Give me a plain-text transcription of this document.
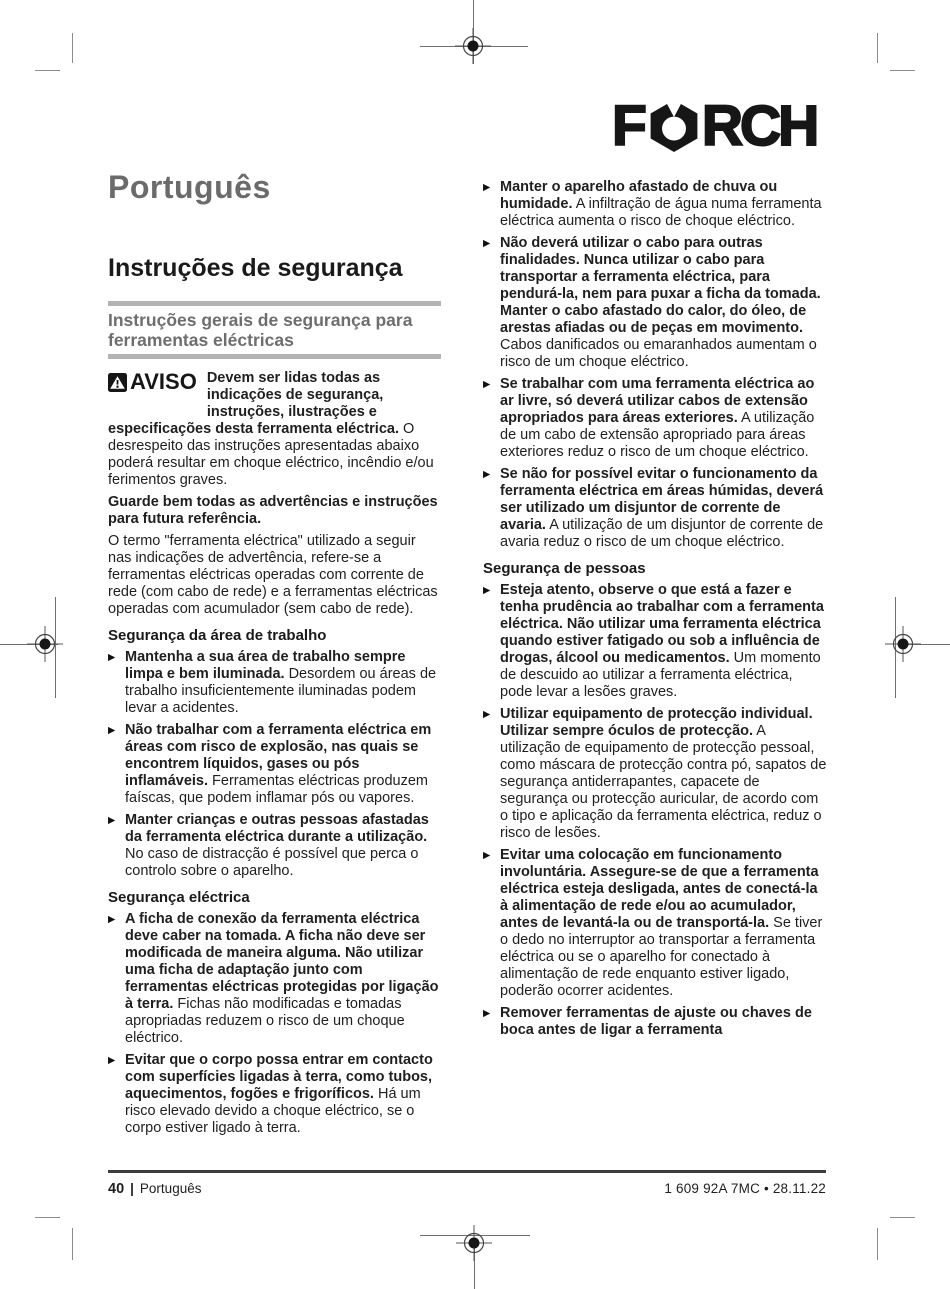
F RCH
Português
Instruções de segurança
Instruções gerais de segurança para ferramentas eléctricas

AVISO Devem ser lidas todas as indicações de segurança, instruções, ilustrações e especificações desta ferramenta eléctrica. O desrespeito das instruções apresentadas abaixo poderá resultar em choque eléctrico, incêndio e/ou ferimentos graves.

Guarde bem todas as advertências e instruções para futura referência.

O termo "ferramenta eléctrica" utilizado a seguir nas indicações de advertência, refere-se a ferramentas eléctricas operadas com corrente de rede (com cabo de rede) e a ferramentas eléctricas operadas com acumulador (sem cabo de rede).

Segurança da área de trabalho

▶ Mantenha a sua área de trabalho sempre limpa e bem iluminada. Desordem ou áreas de trabalho insuficientemente iluminadas podem levar a acidentes.

▶ Não trabalhar com a ferramenta eléctrica em áreas com risco de explosão, nas quais se encontrem líquidos, gases ou pós inflamáveis. Ferramentas eléctricas produzem faíscas, que podem inflamar pós ou vapores.

▶ Manter crianças e outras pessoas afastadas da ferramenta eléctrica durante a utilização. No caso de distracção é possível que perca o controlo sobre o aparelho.

Segurança eléctrica

▶ A ficha de conexão da ferramenta eléctrica deve caber na tomada. A ficha não deve ser modificada de maneira alguma. Não utilizar uma ficha de adaptação junto com ferramentas eléctricas protegidas por ligação à terra. Fichas não modificadas e tomadas apropriadas reduzem o risco de um choque eléctrico.

▶ Evitar que o corpo possa entrar em contacto com superfícies ligadas à terra, como tubos, aquecimentos, fogões e frigoríficos. Há um risco elevado devido a choque eléctrico, se o corpo estiver ligado à terra.

▶ Manter o aparelho afastado de chuva ou humidade. A infiltração de água numa ferramenta eléctrica aumenta o risco de choque eléctrico.

▶ Não deverá utilizar o cabo para outras finalidades. Nunca utilizar o cabo para transportar a ferramenta eléctrica, para pendurá-la, nem para puxar a ficha da tomada. Manter o cabo afastado do calor, do óleo, de arestas afiadas ou de peças em movimento. Cabos danificados ou emaranhados aumentam o risco de um choque eléctrico.

▶ Se trabalhar com uma ferramenta eléctrica ao ar livre, só deverá utilizar cabos de extensão apropriados para áreas exteriores. A utilização de um cabo de extensão apropriado para áreas exteriores reduz o risco de um choque eléctrico.

▶ Se não for possível evitar o funcionamento da ferramenta eléctrica em áreas húmidas, deverá ser utilizado um disjuntor de corrente de avaria. A utilização de um disjuntor de corrente de avaria reduz o risco de um choque eléctrico.

Segurança de pessoas

▶ Esteja atento, observe o que está a fazer e tenha prudência ao trabalhar com a ferramenta eléctrica. Não utilizar uma ferramenta eléctrica quando estiver fatigado ou sob a influência de drogas, álcool ou medicamentos. Um momento de descuido ao utilizar a ferramenta eléctrica, pode levar a lesões graves.

▶ Utilizar equipamento de protecção individual. Utilizar sempre óculos de protecção. A utilização de equipamento de protecção pessoal, como máscara de protecção contra pó, sapatos de segurança antiderrapantes, capacete de segurança ou protecção auricular, de acordo com o tipo e aplicação da ferramenta eléctrica, reduz o risco de lesões.

▶ Evitar uma colocação em funcionamento involuntária. Assegure-se de que a ferramenta eléctrica esteja desligada, antes de conectá-la à alimentação de rede e/ou ao acumulador, antes de levantá-la ou de transportá-la. Se tiver o dedo no interruptor ao transportar a ferramenta eléctrica ou se o aparelho for conectado à alimentação de rede enquanto estiver ligado, poderão ocorrer acidentes.

▶ Remover ferramentas de ajuste ou chaves de boca antes de ligar a ferramenta

40 | Português	1 609 92A 7MC • 28.11.22
